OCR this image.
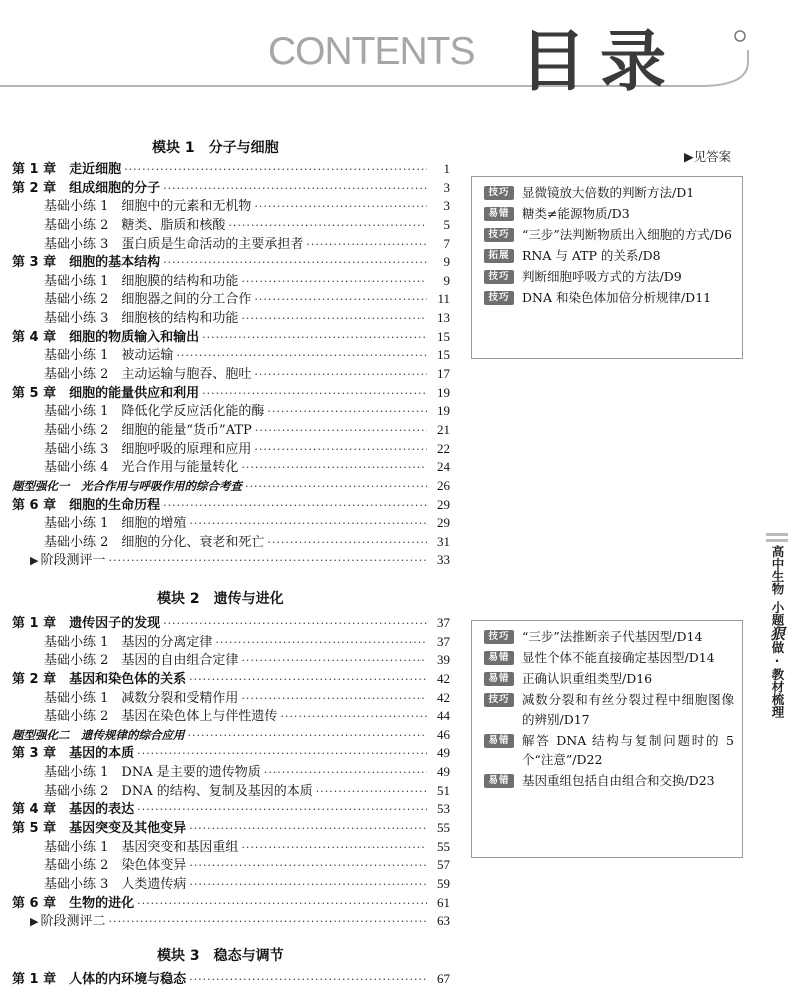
CONTENTS 目录
模块 1　分子与细胞
模块 2　遗传与进化
模块 3　稳态与调节
第 1 章　走近细胞 ·····	1
第 2 章　组成细胞的分子 ·····	3
基础小练 1　细胞中的元素和无机物 ·····	3
基础小练 2　糖类、脂质和核酸 ·····	5
基础小练 3　蛋白质是生命活动的主要承担者 ·····	7
第 3 章　细胞的基本结构 ·····	9
基础小练 1　细胞膜的结构和功能 ·····	9
基础小练 2　细胞器之间的分工合作 ·····	11
基础小练 3　细胞核的结构和功能 ·····	13
第 4 章　细胞的物质输入和输出 ·····	15
基础小练 1　被动运输 ·····	15
基础小练 2　主动运输与胞吞、胞吐 ·····	17
第 5 章　细胞的能量供应和利用 ·····	19
基础小练 1　降低化学反应活化能的酶 ·····	19
基础小练 2　细胞的能量“货币”ATP ·····	21
基础小练 3　细胞呼吸的原理和应用 ·····	22
基础小练 4　光合作用与能量转化 ·····	24
题型强化一　光合作用与呼吸作用的综合考查 ·····	26
第 6 章　细胞的生命历程 ·····	29
基础小练 1　细胞的增殖 ·····	29
基础小练 2　细胞的分化、衰老和死亡 ·····	31
▶ 阶段测评一 ·····	33
第 1 章　遗传因子的发现 ·····	37
基础小练 1　基因的分离定律 ·····	37
基础小练 2　基因的自由组合定律 ·····	39
第 2 章　基因和染色体的关系 ·····	42
基础小练 1　减数分裂和受精作用 ·····	42
基础小练 2　基因在染色体上与伴性遗传 ·····	44
题型强化二　遗传规律的综合应用 ·····	46
第 3 章　基因的本质 ·····	49
基础小练 1　DNA 是主要的遗传物质 ·····	49
基础小练 2　DNA 的结构、复制及基因的本质 ·····	51
第 4 章　基因的表达 ·····	53
第 5 章　基因突变及其他变异 ·····	55
基础小练 1　基因突变和基因重组 ·····	55
基础小练 2　染色体变异 ·····	57
基础小练 3　人类遗传病 ·····	59
第 6 章　生物的进化 ·····	61
▶ 阶段测评二 ·····	63
第 1 章　人体的内环境与稳态 ·····	67
▶见答案
技巧	显微镜放大倍数的判断方法/D1
易错	糖类≠能源物质/D3
技巧	“三步”法判断物质出入细胞的方式/D6
拓展	RNA 与 ATP 的关系/D8
技巧	判断细胞呼吸方式的方法/D9
技巧	DNA 和染色体加倍分析规律/D11
技巧	“三步”法推断亲子代基因型/D14
易错	显性个体不能直接确定基因型/D14
易错	正确认识重组类型/D16
技巧	减数分裂和有丝分裂过程中细胞图像的辨别/D17
易错	解答 DNA 结构与复制问题时的 5 个“注意”/D22
易错	基因重组包括自由组合和交换/D23
高中生物
小题
狠
做
·
教材梳理
